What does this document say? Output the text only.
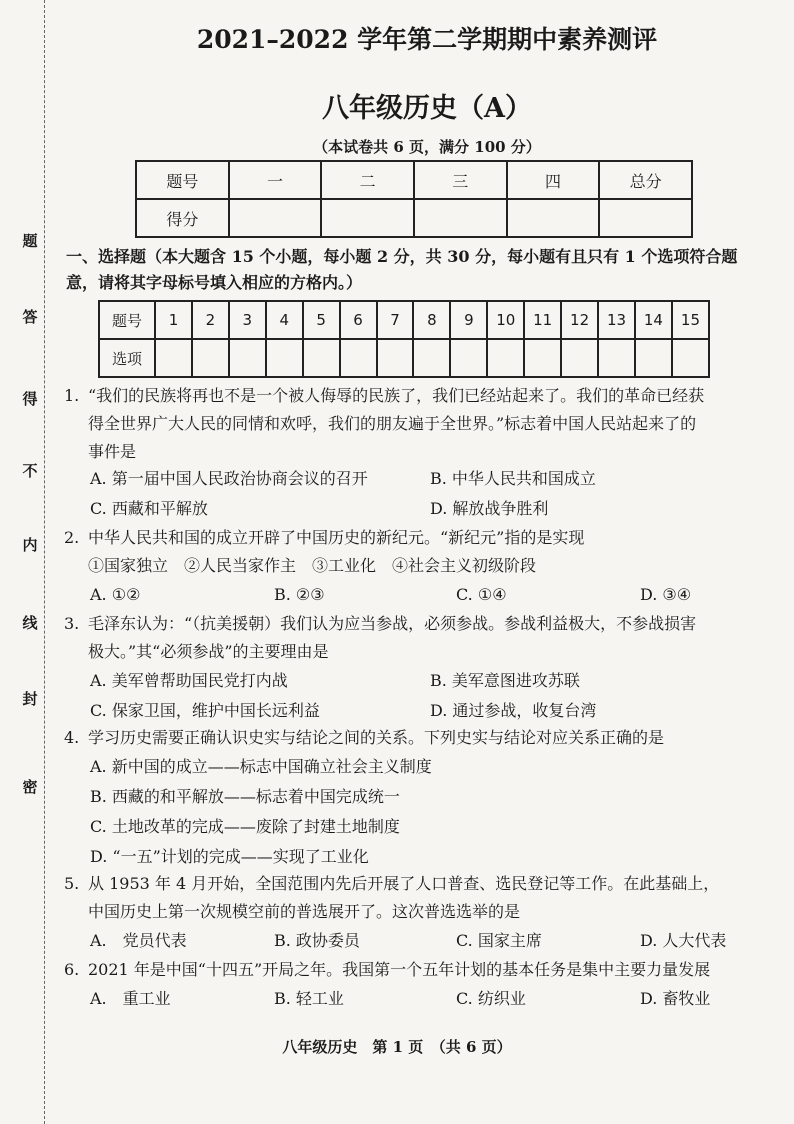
题
答
得
不
内
线
封
密
2021–2022 学年第二学期期中素养测评
八年级历史（A）
（本试卷共 6 页，满分 100 分）
题号	一	二	三	四	总分
得分					
一、选择题（本大题含 15 个小题，每小题 2 分，共 30 分，每小题有且只有 1 个选项符合题
意，请将其字母标号填入相应的方格内。）
题号	1	2	3	4	5	6	7	8	9	10	11	12	13	14	15
选项															
1. “我们的民族将再也不是一个被人侮辱的民族了，我们已经站起来了。我们的革命已经获
得全世界广大人民的同情和欢呼，我们的朋友遍于全世界。”标志着中国人民站起来了的
事件是
A. 第一届中国人民政治协商会议的召开	B. 中华人民共和国成立
C. 西藏和平解放	D. 解放战争胜利
2. 中华人民共和国的成立开辟了中国历史的新纪元。“新纪元”指的是实现
①国家独立　②人民当家作主　③工业化　④社会主义初级阶段
A. ①②	B. ②③	C. ①④	D. ③④
3. 毛泽东认为：“（抗美援朝）我们认为应当参战，必须参战。参战利益极大，不参战损害
极大。”其“必须参战”的主要理由是
A. 美军曾帮助国民党打内战	B. 美军意图进攻苏联
C. 保家卫国，维护中国长远利益	D. 通过参战，收复台湾
4. 学习历史需要正确认识史实与结论之间的关系。下列史实与结论对应关系正确的是
A. 新中国的成立——标志中国确立社会主义制度
B. 西藏的和平解放——标志着中国完成统一
C. 土地改革的完成——废除了封建土地制度
D. “一五”计划的完成——实现了工业化
5. 从 1953 年 4 月开始，全国范围内先后开展了人口普查、选民登记等工作。在此基础上，
中国历史上第一次规模空前的普选展开了。这次普选选举的是
A.　党员代表	B. 政协委员	C. 国家主席	D. 人大代表
6. 2021 年是中国“十四五”开局之年。我国第一个五年计划的基本任务是集中主要力量发展
A.　重工业	B. 轻工业	C. 纺织业	D. 畜牧业
八年级历史　第 1 页　（共 6 页）
